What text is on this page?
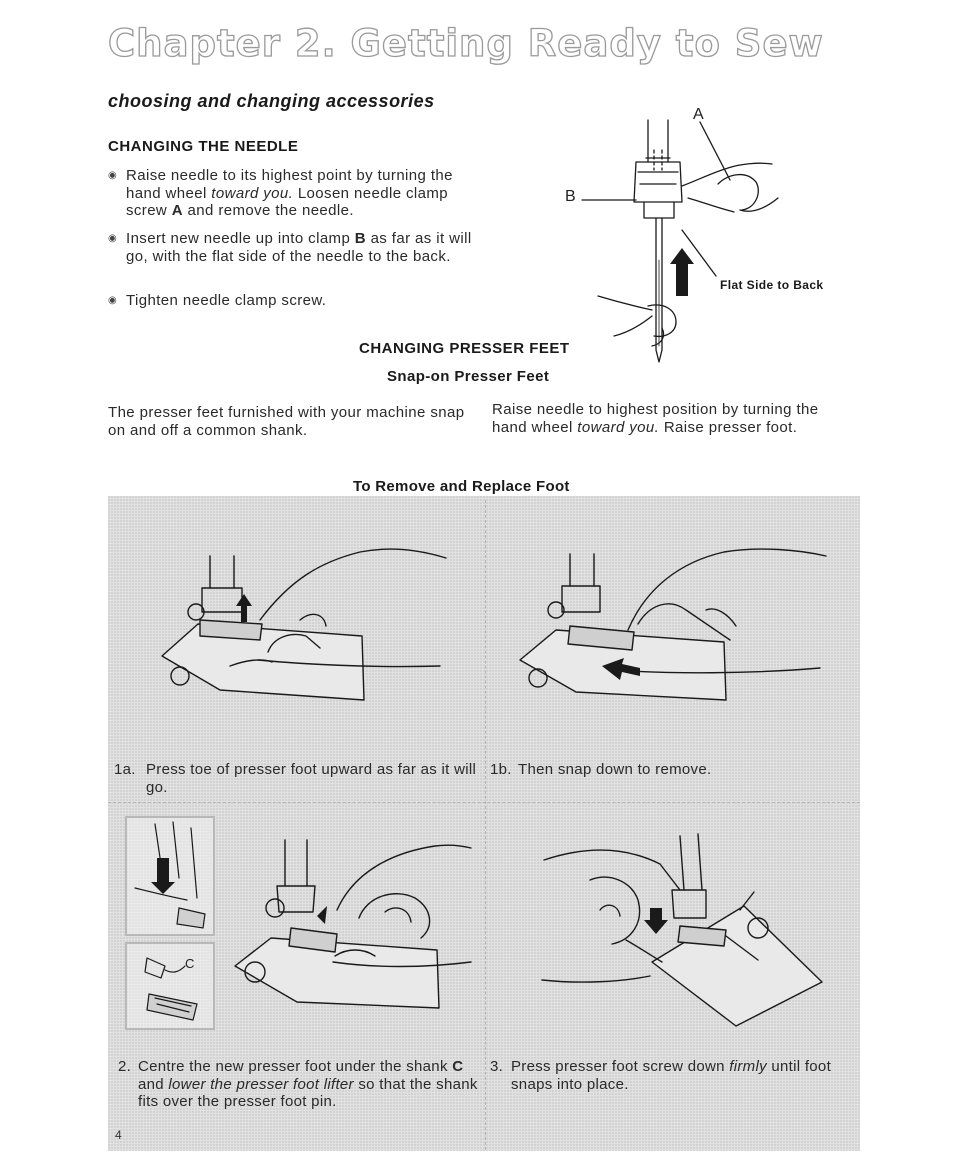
Chapter 2. Getting Ready to Sew
choosing and changing accessories
CHANGING THE NEEDLE
◉ Raise needle to its highest point by turning the hand wheel toward you. Loosen needle clamp screw A and remove the needle.
◉ Insert new needle up into clamp B as far as it will go, with the flat side of the needle to the back.
◉ Tighten needle clamp screw.
A
B
Flat Side to Back
CHANGING PRESSER FEET
Snap-on Presser Feet
The presser feet furnished with your machine snap on and off a common shank.
Raise needle to highest position by turning the hand wheel toward you. Raise presser foot.
To Remove and Replace Foot
1a. Press toe of presser foot upward as far as it will go.
1b. Then snap down to remove.
C
2. Centre the new presser foot under the shank C and lower the presser foot lifter so that the shank fits over the presser foot pin.
3. Press presser foot screw down firmly until foot snaps into place.
4
